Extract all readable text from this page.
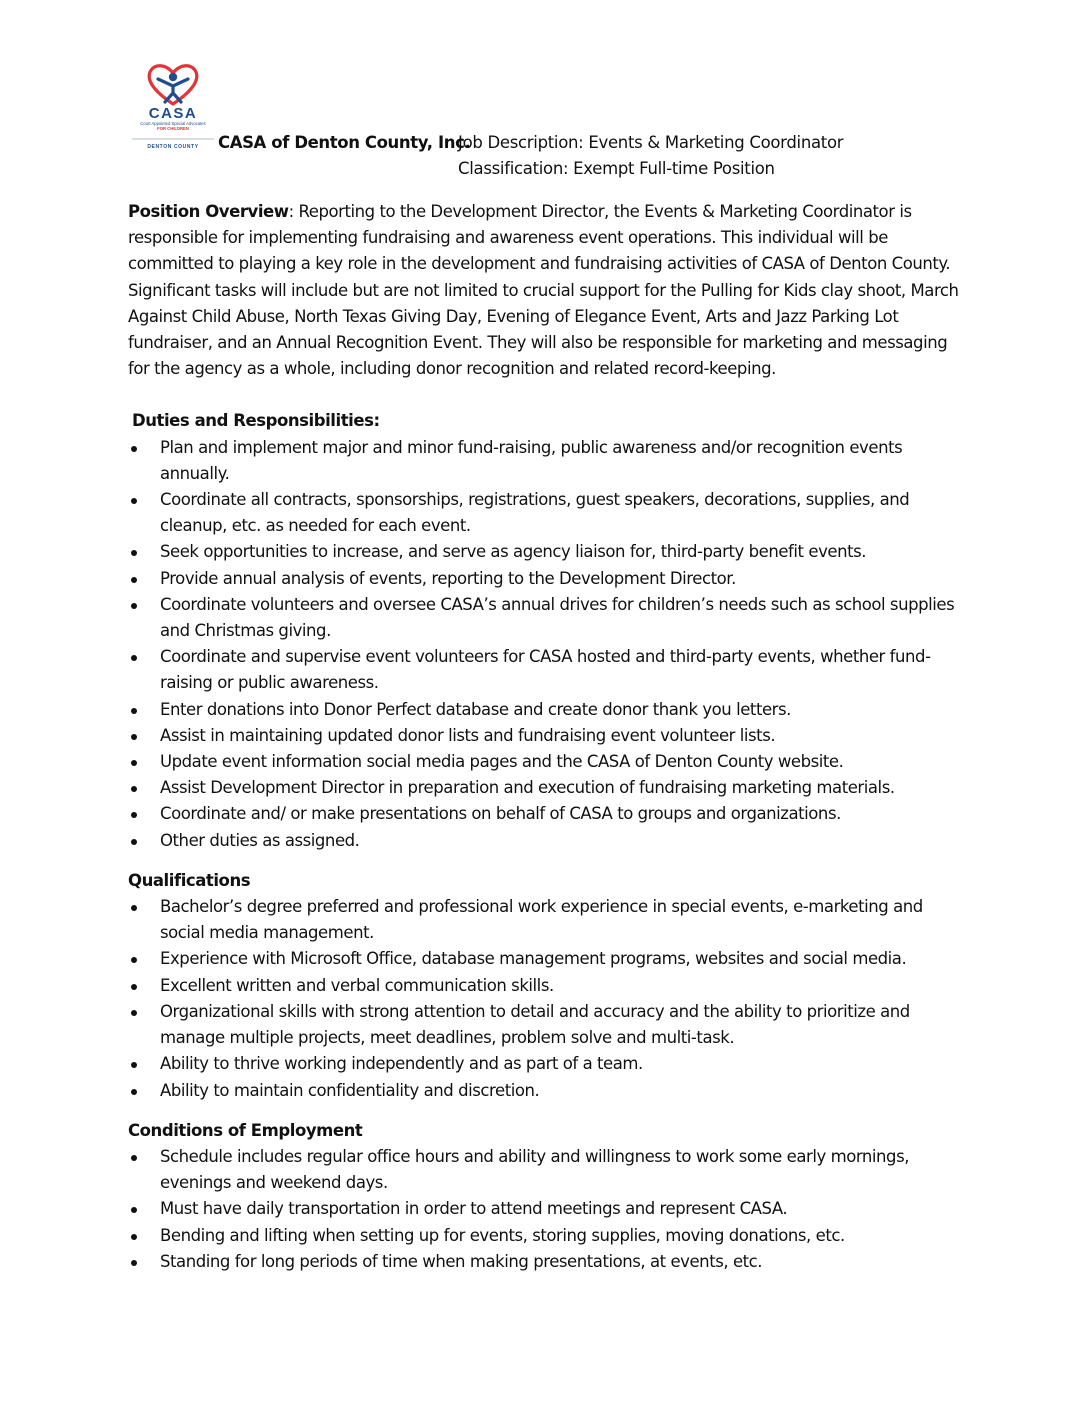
CASA
Court Appointed Special Advocates
FOR CHILDREN
DENTON COUNTY CASA of Denton County, Inc.
Job Description: Events & Marketing Coordinator
Classification: Exempt Full-time Position

Position Overview: Reporting to the Development Director, the Events & Marketing Coordinator is responsible for implementing fundraising and awareness event operations. This individual will be committed to playing a key role in the development and fundraising activities of CASA of Denton County. Significant tasks will include but are not limited to crucial support for the Pulling for Kids clay shoot, March Against Child Abuse, North Texas Giving Day, Evening of Elegance Event, Arts and Jazz Parking Lot fundraiser, and an Annual Recognition Event. They will also be responsible for marketing and messaging for the agency as a whole, including donor recognition and related record-keeping.

Duties and Responsibilities:
Plan and implement major and minor fund-raising, public awareness and/or recognition events annually.
Coordinate all contracts, sponsorships, registrations, guest speakers, decorations, supplies, and cleanup, etc. as needed for each event.
Seek opportunities to increase, and serve as agency liaison for, third-party benefit events.
Provide annual analysis of events, reporting to the Development Director.
Coordinate volunteers and oversee CASA’s annual drives for children’s needs such as school supplies and Christmas giving.
Coordinate and supervise event volunteers for CASA hosted and third-party events, whether fund-raising or public awareness.
Enter donations into Donor Perfect database and create donor thank you letters.
Assist in maintaining updated donor lists and fundraising event volunteer lists.
Update event information social media pages and the CASA of Denton County website.
Assist Development Director in preparation and execution of fundraising marketing materials.
Coordinate and/ or make presentations on behalf of CASA to groups and organizations.
Other duties as assigned.
Qualifications
Bachelor’s degree preferred and professional work experience in special events, e-marketing and social media management.
Experience with Microsoft Office, database management programs, websites and social media.
Excellent written and verbal communication skills.
Organizational skills with strong attention to detail and accuracy and the ability to prioritize and manage multiple projects, meet deadlines, problem solve and multi-task.
Ability to thrive working independently and as part of a team.
Ability to maintain confidentiality and discretion.
Conditions of Employment
Schedule includes regular office hours and ability and willingness to work some early mornings, evenings and weekend days.
Must have daily transportation in order to attend meetings and represent CASA.
Bending and lifting when setting up for events, storing supplies, moving donations, etc.
Standing for long periods of time when making presentations, at events, etc.
